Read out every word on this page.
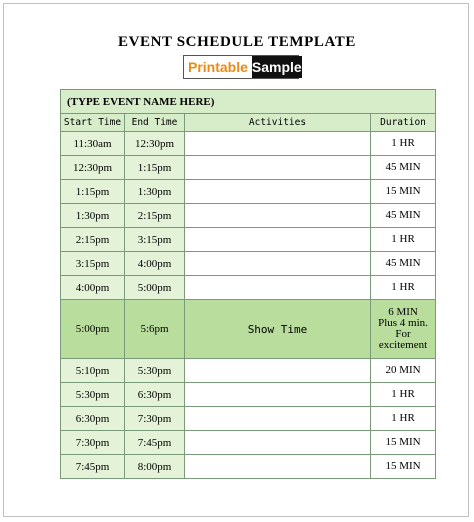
EVENT SCHEDULE TEMPLATE
Printable Sample
(TYPE EVENT NAME HERE)			
Start Time	End Time	Activities	Duration
11:30am	12:30pm		1 HR
12:30pm	1:15pm		45 MIN
1:15pm	1:30pm		15 MIN
1:30pm	2:15pm		45 MIN
2:15pm	3:15pm		1 HR
3:15pm	4:00pm		45 MIN
4:00pm	5:00pm		1 HR
5:00pm	5:6pm	Show Time	6 MIN
Plus 4 min.
For
excitement
5:10pm	5:30pm		20 MIN
5:30pm	6:30pm		1 HR
6:30pm	7:30pm		1 HR
7:30pm	7:45pm		15 MIN
7:45pm	8:00pm		15 MIN
